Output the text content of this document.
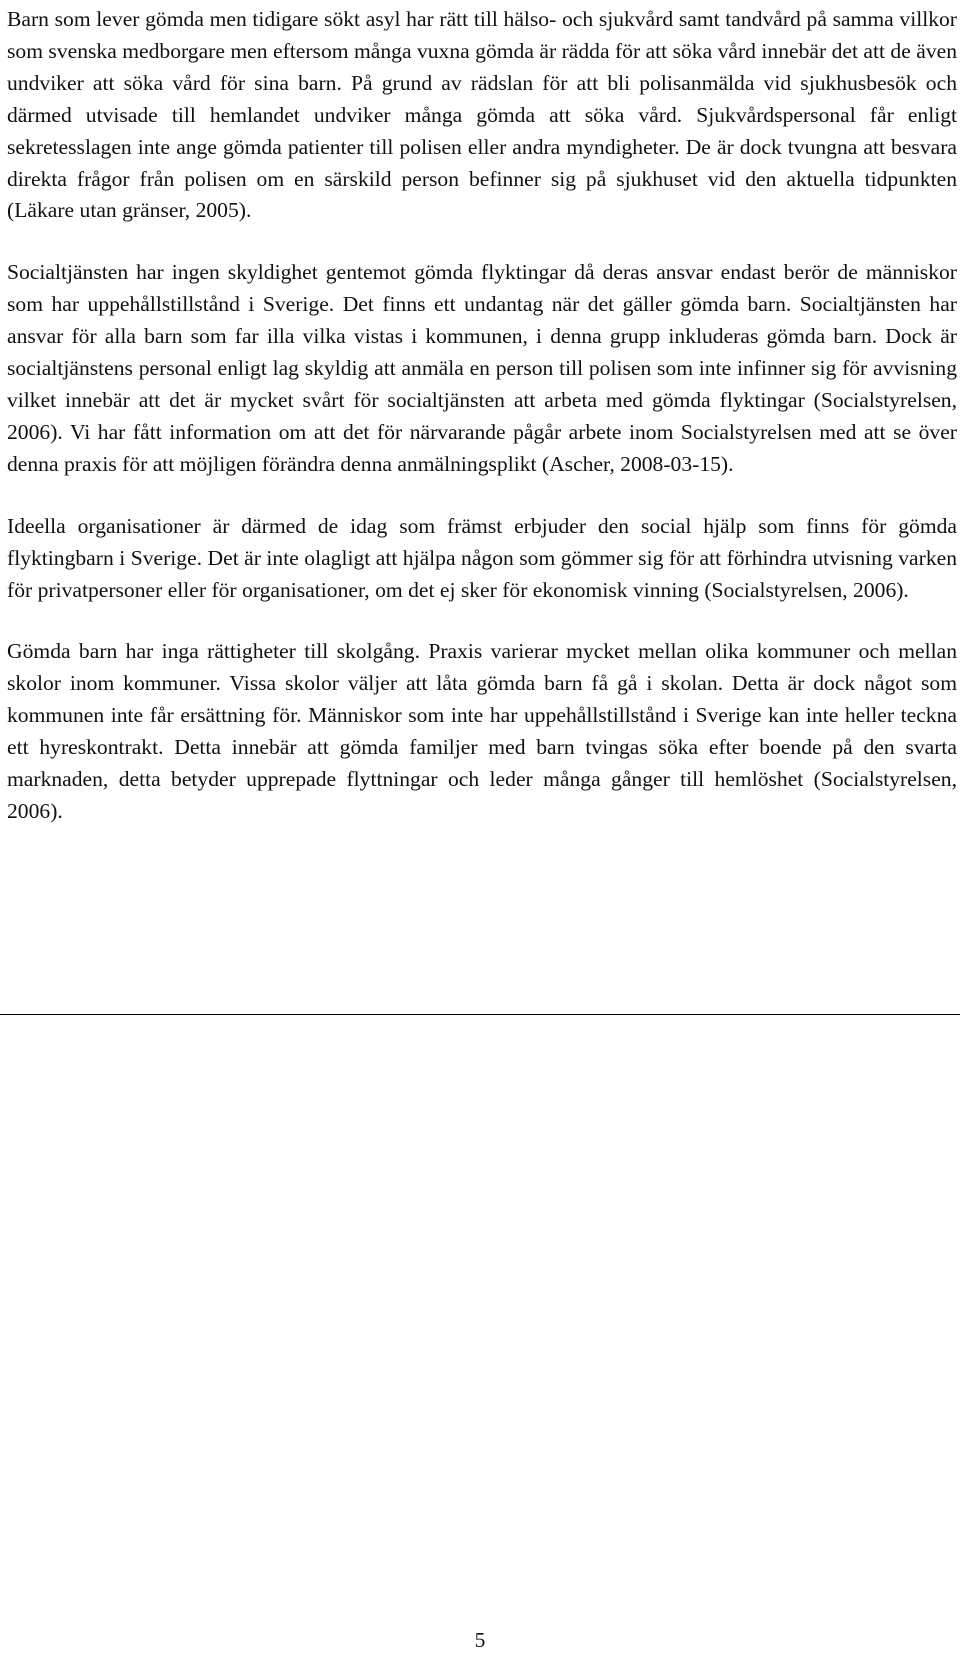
Barn som lever gömda men tidigare sökt asyl har rätt till hälso- och sjukvård samt tandvård på samma villkor som svenska medborgare men eftersom många vuxna gömda är rädda för att söka vård innebär det att de även undviker att söka vård för sina barn. På grund av rädslan för att bli polisanmälda vid sjukhusbesök och därmed utvisade till hemlandet undviker många gömda att söka vård. Sjukvårdspersonal får enligt sekretesslagen inte ange gömda patienter till polisen eller andra myndigheter. De är dock tvungna att besvara direkta frågor från polisen om en särskild person befinner sig på sjukhuset vid den aktuella tidpunkten (Läkare utan gränser, 2005).

Socialtjänsten har ingen skyldighet gentemot gömda flyktingar då deras ansvar endast berör de människor som har uppehållstillstånd i Sverige. Det finns ett undantag när det gäller gömda barn. Socialtjänsten har ansvar för alla barn som far illa vilka vistas i kommunen, i denna grupp inkluderas gömda barn. Dock är socialtjänstens personal enligt lag skyldig att anmäla en person till polisen som inte infinner sig för avvisning vilket innebär att det är mycket svårt för socialtjänsten att arbeta med gömda flyktingar (Socialstyrelsen, 2006). Vi har fått information om att det för närvarande pågår arbete inom Socialstyrelsen med att se över denna praxis för att möjligen förändra denna anmälningsplikt (Ascher, 2008-03-15).

Ideella organisationer är därmed de idag som främst erbjuder den social hjälp som finns för gömda flyktingbarn i Sverige. Det är inte olagligt att hjälpa någon som gömmer sig för att förhindra utvisning varken för privatpersoner eller för organisationer, om det ej sker för ekonomisk vinning (Socialstyrelsen, 2006).

Gömda barn har inga rättigheter till skolgång. Praxis varierar mycket mellan olika kommuner och mellan skolor inom kommuner. Vissa skolor väljer att låta gömda barn få gå i skolan. Detta är dock något som kommunen inte får ersättning för. Människor som inte har uppehållstillstånd i Sverige kan inte heller teckna ett hyreskontrakt. Detta innebär att gömda familjer med barn tvingas söka efter boende på den svarta marknaden, detta betyder upprepade flyttningar och leder många gånger till hemlöshet (Socialstyrelsen, 2006).

5
